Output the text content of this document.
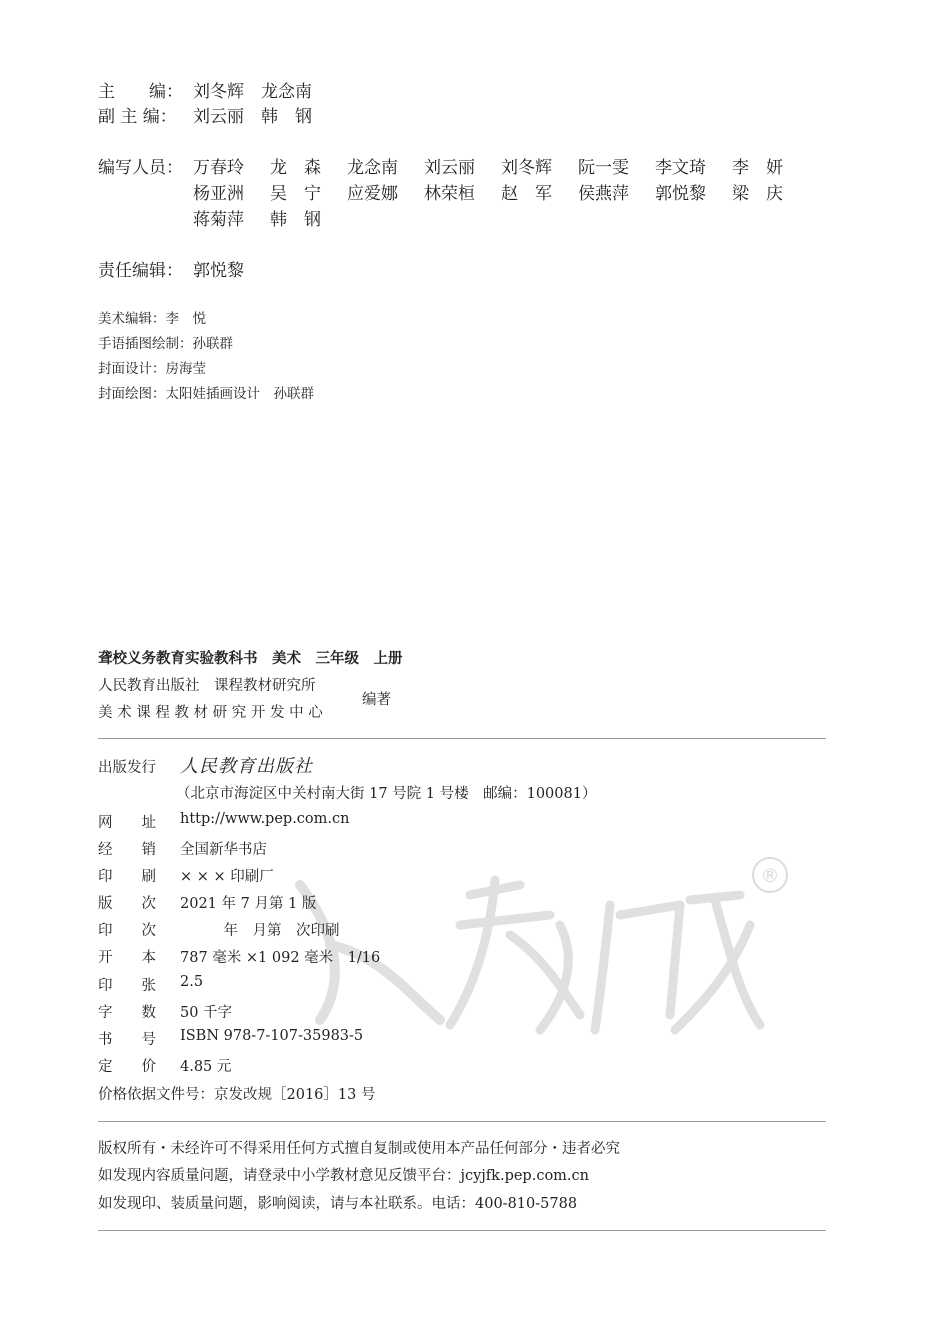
®
主　　编： 刘冬辉　龙念南
副 主 编： 刘云丽　韩　钢
编写人员： 万春玲	龙　森	龙念南	刘云丽	刘冬辉	阮一雯	李文琦	李　妍
杨亚洲	吴　宁	应爱娜	林荣桓	赵　军	侯燕萍	郭悦黎	梁　庆
蒋菊萍	韩　钢
责任编辑： 郭悦黎
美术编辑：李　悦
手语插图绘制：孙联群
封面设计：房海莹
封面绘图：太阳娃插画设计　孙联群
聋校义务教育实验教科书　美术　三年级　上册
人民教育出版社　课程教材研究所
美 术 课 程 教 材 研 究 开 发 中 心
编著
出版发行 人民教育出版社
（北京市海淀区中关村南大街 17 号院 1 号楼　邮编：100081）
网　　址 http://www.pep.com.cn
经　　销 全国新华书店
印　　刷 × × × 印刷厂
版　　次 2021 年 7 月第 1 版
印　　次 　　　年　月第　次印刷
开　　本 787 毫米 ×1 092 毫米　1/16
印　　张 2.5
字　　数 50 千字
书　　号 ISBN 978-7-107-35983-5
定　　价 4.85 元
价格依据文件号：京发改规［2016］13 号
版权所有・未经许可不得采用任何方式擅自复制或使用本产品任何部分・违者必究
如发现内容质量问题，请登录中小学教材意见反馈平台：jcyjfk.pep.com.cn
如发现印、装质量问题，影响阅读，请与本社联系。电话：400-810-5788
